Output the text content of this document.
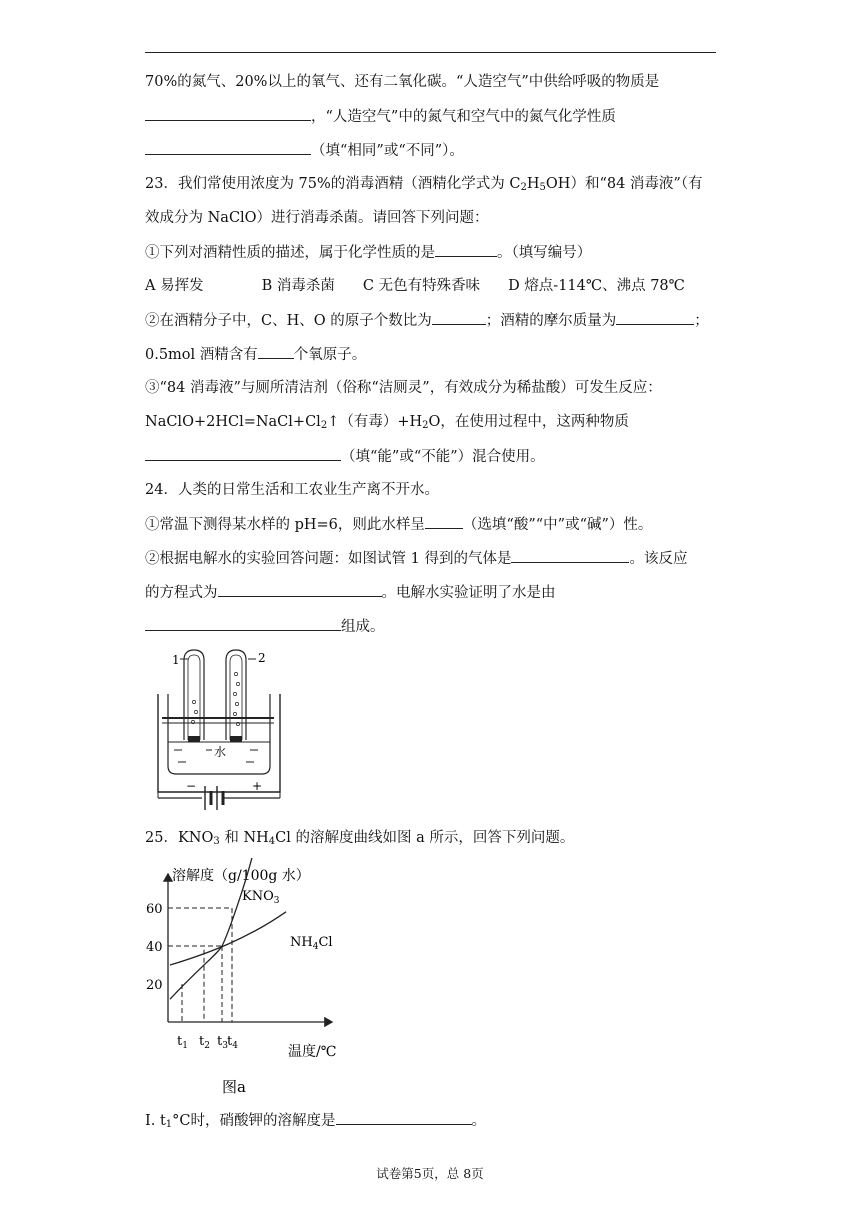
70%的氮气、20%以上的氧气、还有二氧化碳。“人造空气”中供给呼吸的物质是
，“人造空气”中的氮气和空气中的氮气化学性质
（填“相同”或“不同”）。
23．我们常使用浓度为 75%的消毒酒精（酒精化学式为 $C_2H_5OH$）和“84 消毒液”（有
效成分为 NaClO）进行消毒杀菌。请回答下列问题：
①下列对酒精性质的描述，属于化学性质的是	。（填写编号）
A 易挥发	B 消毒杀菌 C 无色有特殊香味 D 熔点-114℃、沸点 78℃
②在酒精分子中，C、H、O 的原子个数比为	；酒精的摩尔质量为	；
0.5mol 酒精含有 个氧原子。
③“84 消毒液”与厕所清洁剂（俗称“洁厕灵”，有效成分为稀盐酸）可发生反应：
$NaClO+2HCl=NaCl+Cl_2↑$（有毒）$+H_2O$，在使用过程中，这两种物质
（填“能”或“不能”）混合使用。
24．人类的日常生活和工农业生产离不开水。
①常温下测得某水样的 pH=6，则此水样呈	（选填“酸”“中”或“碱”）性。
②根据电解水的实验回答问题：如图试管 1 得到的气体是	。该反应
的方程式为	。电解水实验证明了水是由
组成。
1	2
水
−	+
25．$KNO_3$ 和 $NH_4Cl$ 的溶解度曲线如图 a 所示，回答下列问题。
溶解度（g/100g 水）
60
40
20
$t_1$ $t_2$ $t_3$ $t_4$
$KNO_3$
$NH_4Cl$
温度/℃
图a
I. $t_1^\circ C$时，硝酸钾的溶解度是	。
试卷第5页，总 8页
